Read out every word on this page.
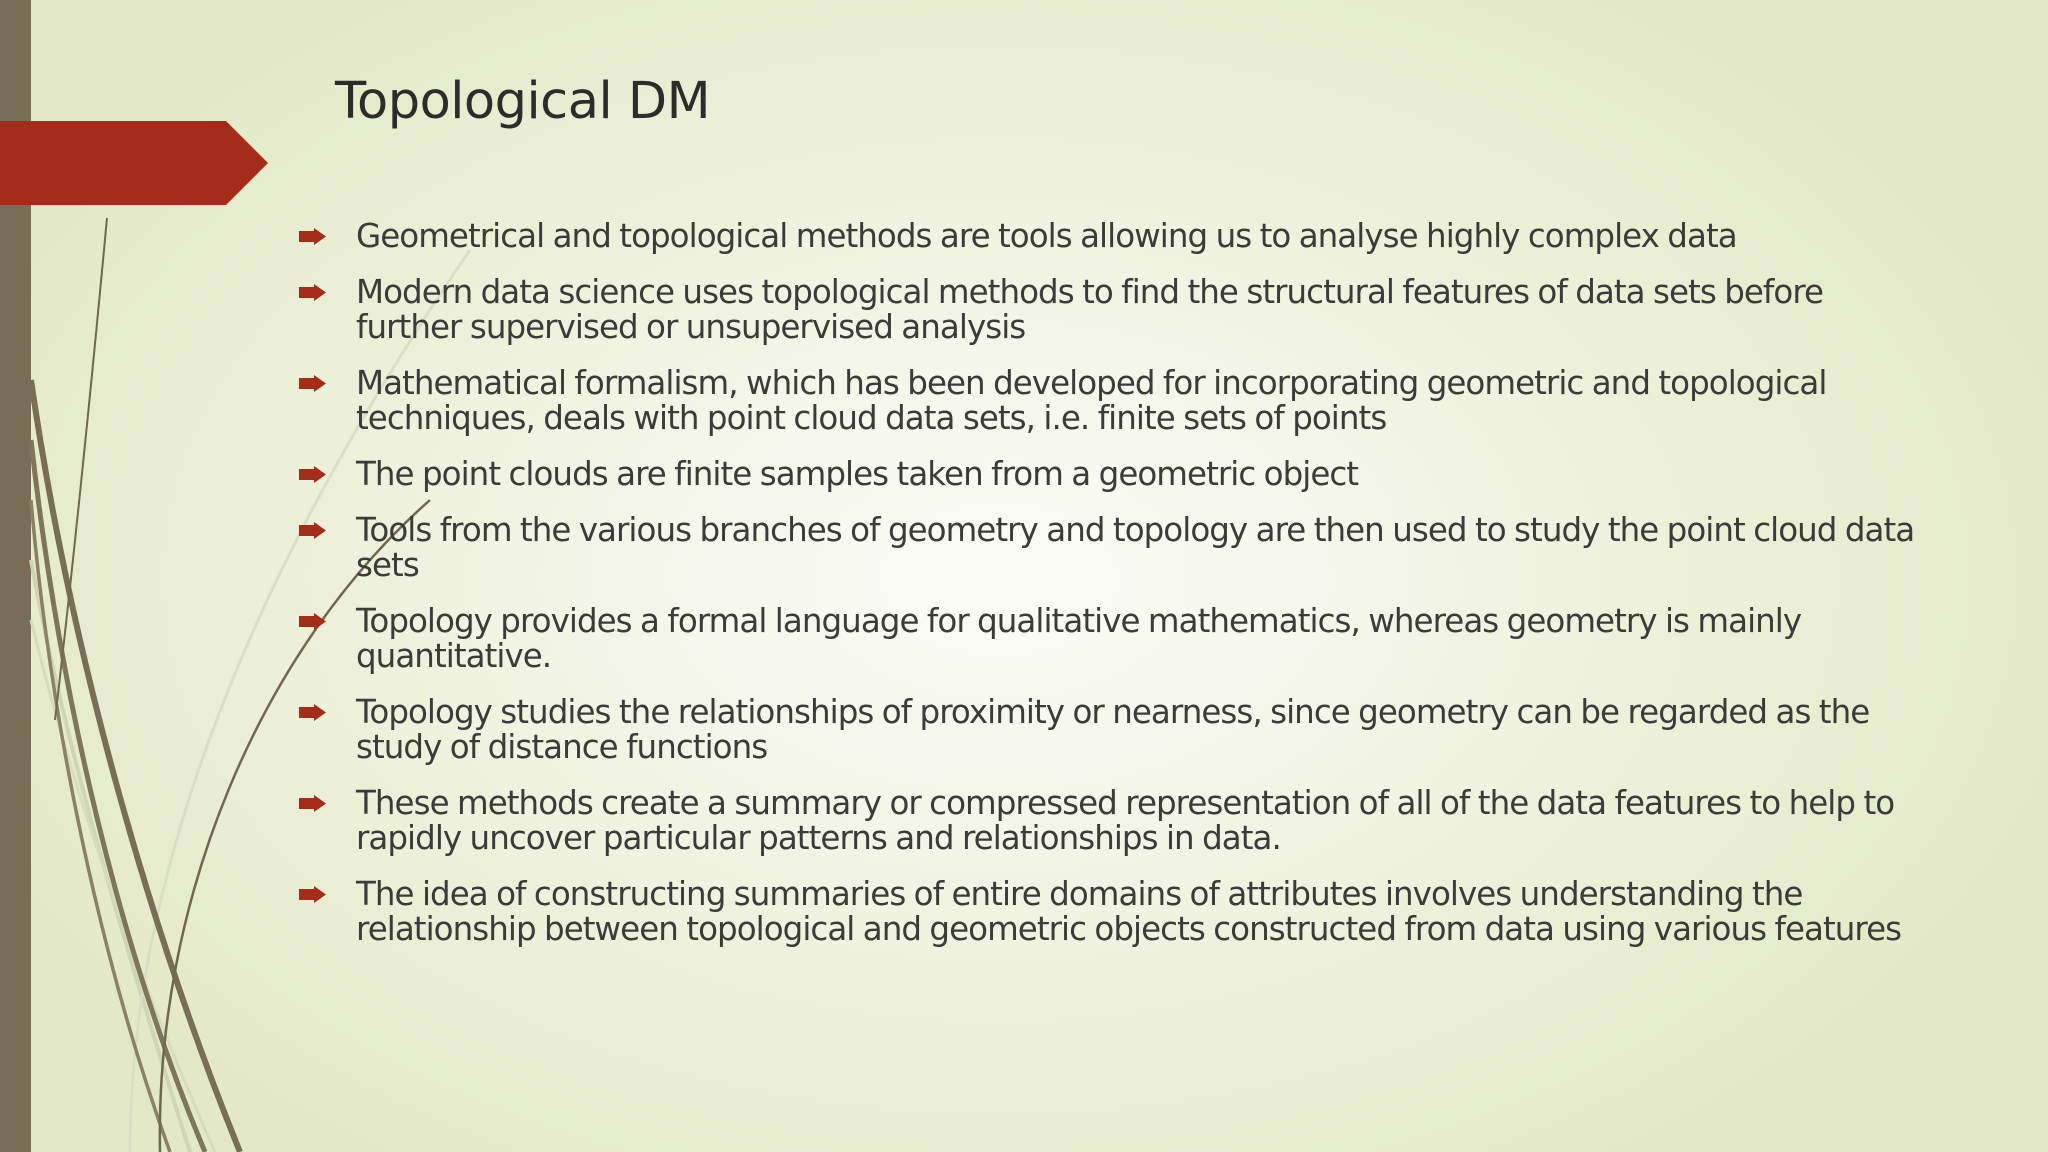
Topological DM
Geometrical and topological methods are tools allowing us to analyse highly complex data
Modern data science uses topological methods to find the structural features of data sets before further supervised or unsupervised analysis
Mathematical formalism, which has been developed for incorporating geometric and topological techniques, deals with point cloud data sets, i.e. finite sets of points
The point clouds are finite samples taken from a geometric object
Tools from the various branches of geometry and topology are then used to study the point cloud data sets
Topology provides a formal language for qualitative mathematics, whereas geometry is mainly quantitative.
Topology studies the relationships of proximity or nearness, since geometry can be regarded as the study of distance functions
These methods create a summary or compressed representation of all of the data features to help to rapidly uncover particular patterns and relationships in data.
The idea of constructing summaries of entire domains of attributes involves understanding the relationship between topological and geometric objects constructed from data using various features
